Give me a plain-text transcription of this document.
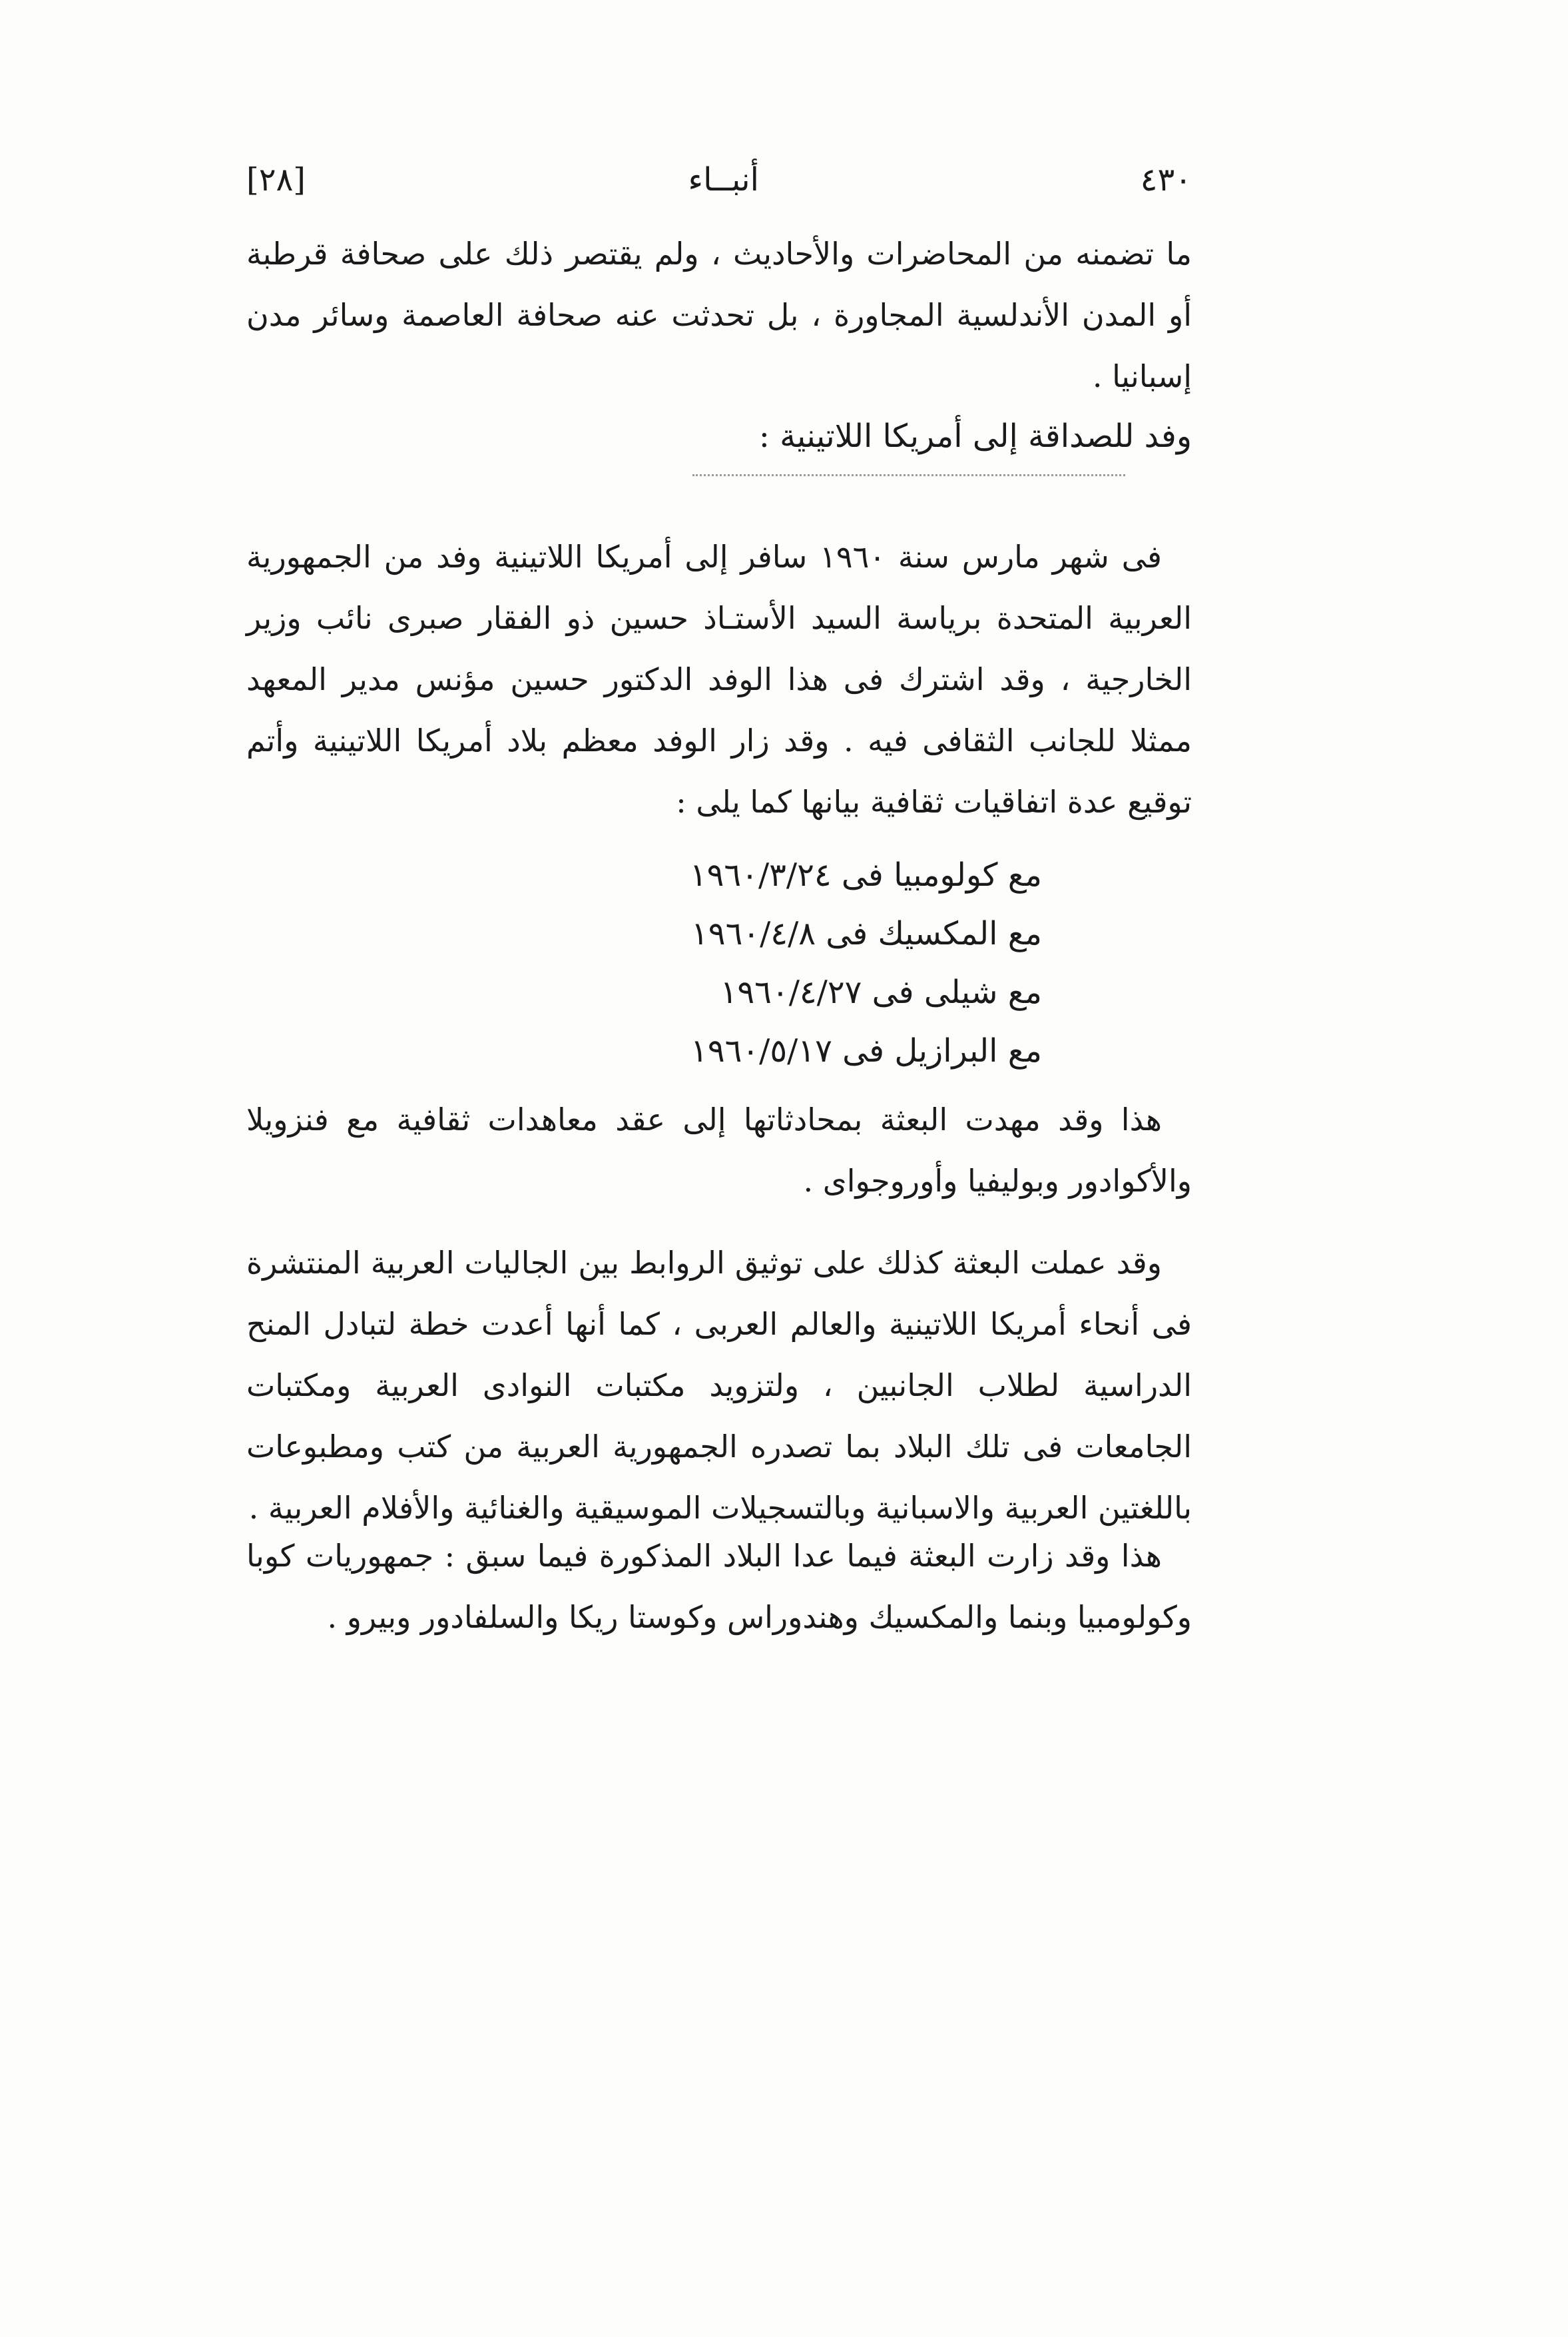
٤٣٠
أنبــاء
[٢٨]

ما تضمنه من المحاضرات والأحاديث ، ولم يقتصر ذلك على صحافة قرطبة أو المدن الأندلسية المجاورة ، بل تحدثت عنه صحافة العاصمة وسائر مدن إسبانيا .

وفد للصداقة إلى أمريكا اللاتينية :

فى شهر مارس سنة ١٩٦٠ سافر إلى أمريكا اللاتينية وفد من الجمهورية العربية المتحدة برياسة السيد الأستـاذ حسين ذو الفقار صبرى نائب وزير الخارجية ، وقد اشترك فى هذا الوفد الدكتور حسين مؤنس مدير المعهد ممثلا للجانب الثقافى فيه . وقد زار الوفد معظم بلاد أمريكا اللاتينية وأتم توقيع عدة اتفاقيات ثقافية بيانها كما يلى :

مع كولومبيا فى ١٩٦٠/٣/٢٤
مع المكسيك فى ١٩٦٠/٤/٨
مع شيلى فى ١٩٦٠/٤/٢٧
مع البرازيل فى ١٩٦٠/٥/١٧

هذا وقد مهدت البعثة بمحادثاتها إلى عقد معاهدات ثقافية مع فنزويلا والأكوادور وبوليفيا وأوروجواى .

وقد عملت البعثة كذلك على توثيق الروابط بين الجاليات العربية المنتشرة فى أنحاء أمريكا اللاتينية والعالم العربى ، كما أنها أعدت خطة لتبادل المنح الدراسية لطلاب الجانبين ، ولتزويد مكتبات النوادى العربية ومكتبات الجامعات فى تلك البلاد بما تصدره الجمهورية العربية من كتب ومطبوعات باللغتين العربية والاسبانية وبالتسجيلات الموسيقية والغنائية والأفلام العربية .

هذا وقد زارت البعثة فيما عدا البلاد المذكورة فيما سبق : جمهوريات كوبا وكولومبيا وبنما والمكسيك وهندوراس وكوستا ريكا والسلفادور وبيرو .
